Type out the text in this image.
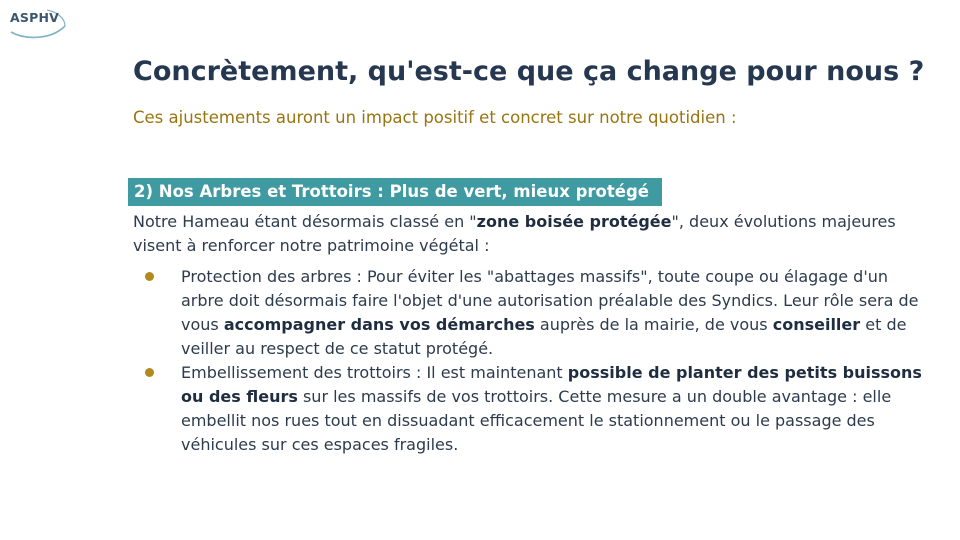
ASPHV
Concrètement, qu'est-ce que ça change pour nous ?

Ces ajustements auront un impact positif et concret sur notre quotidien :

2) Nos Arbres et Trottoirs : Plus de vert, mieux protégé

Notre Hameau étant désormais classé en "zone boisée protégée", deux évolutions majeures visent à renforcer notre patrimoine végétal :

Protection des arbres : Pour éviter les "abattages massifs", toute coupe ou élagage d'un arbre doit désormais faire l'objet d'une autorisation préalable des Syndics. Leur rôle sera de vous accompagner dans vos démarches auprès de la mairie, de vous conseiller et de veiller au respect de ce statut protégé.
Embellissement des trottoirs : Il est maintenant possible de planter des petits buissons ou des fleurs sur les massifs de vos trottoirs. Cette mesure a un double avantage : elle embellit nos rues tout en dissuadant efficacement le stationnement ou le passage des véhicules sur ces espaces fragiles.
